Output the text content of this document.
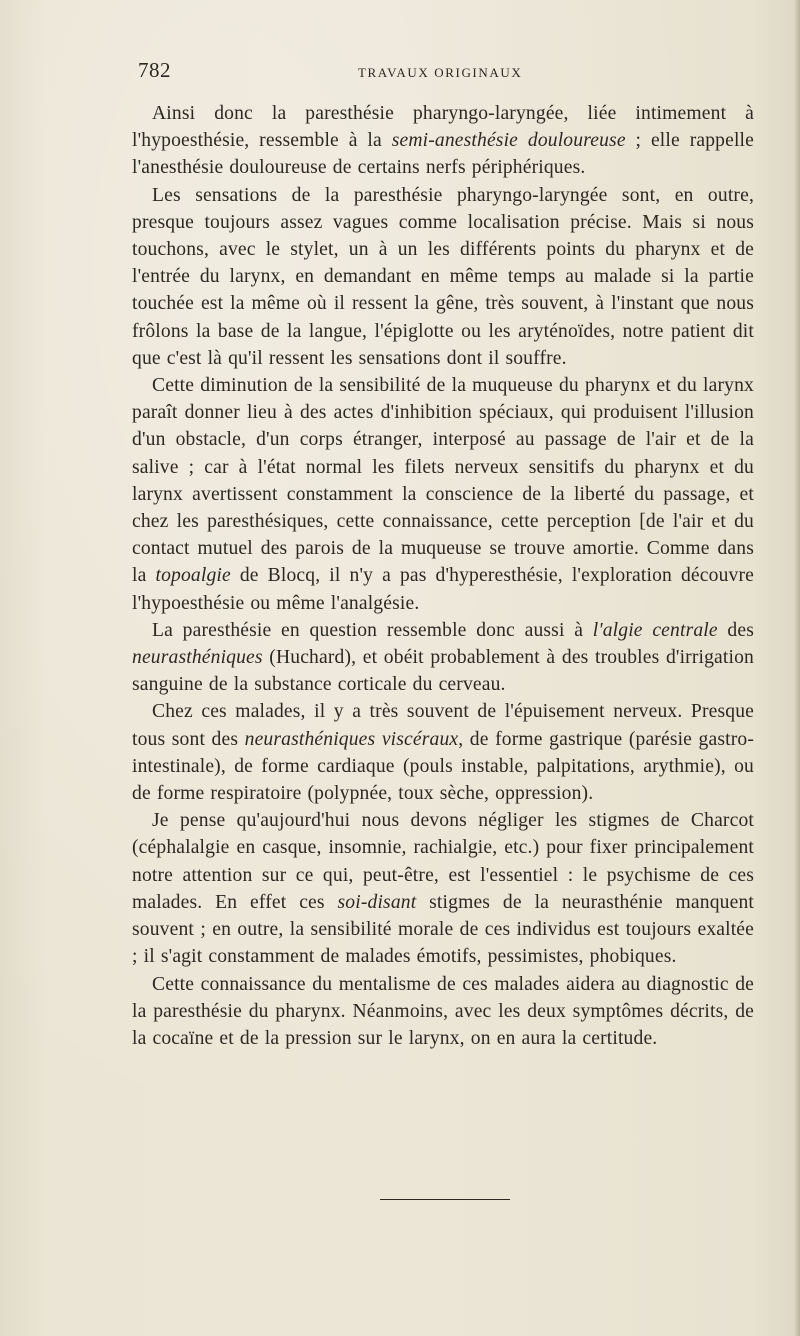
782	TRAVAUX ORIGINAUX

Ainsi donc la paresthésie pharyngo-laryngée, liée intimement à l'hypoesthésie, ressemble à la semi-anesthésie douloureuse ; elle rappelle l'anesthésie douloureuse de certains nerfs périphériques.

Les sensations de la paresthésie pharyngo-laryngée sont, en outre, presque toujours assez vagues comme localisation précise. Mais si nous touchons, avec le stylet, un à un les différents points du pharynx et de l'entrée du larynx, en demandant en même temps au malade si la partie touchée est la même où il ressent la gêne, très souvent, à l'instant que nous frôlons la base de la langue, l'épiglotte ou les aryténoïdes, notre patient dit que c'est là qu'il ressent les sensations dont il souffre.

Cette diminution de la sensibilité de la muqueuse du pharynx et du larynx paraît donner lieu à des actes d'inhibition spéciaux, qui produisent l'illusion d'un obstacle, d'un corps étranger, interposé au passage de l'air et de la salive ; car à l'état normal les filets nerveux sensitifs du pharynx et du larynx avertissent constamment la conscience de la liberté du passage, et chez les paresthésiques, cette connaissance, cette perception [de l'air et du contact mutuel des parois de la muqueuse se trouve amortie. Comme dans la topoalgie de Blocq, il n'y a pas d'hyperesthésie, l'exploration découvre l'hypoesthésie ou même l'analgésie.

La paresthésie en question ressemble donc aussi à l'algie centrale des neurasthéniques (Huchard), et obéit probablement à des troubles d'irrigation sanguine de la substance corticale du cerveau.

Chez ces malades, il y a très souvent de l'épuisement nerveux. Presque tous sont des neurasthéniques viscéraux, de forme gastrique (parésie gastro-intestinale), de forme cardiaque (pouls instable, palpitations, arythmie), ou de forme respiratoire (polypnée, toux sèche, oppression).

Je pense qu'aujourd'hui nous devons négliger les stigmes de Charcot (céphalalgie en casque, insomnie, rachialgie, etc.) pour fixer principalement notre attention sur ce qui, peut-être, est l'essentiel : le psychisme de ces malades. En effet ces soi-disant stigmes de la neurasthénie manquent souvent ; en outre, la sensibilité morale de ces individus est toujours exaltée ; il s'agit constamment de malades émotifs, pessimistes, phobiques.

Cette connaissance du mentalisme de ces malades aidera au diagnostic de la paresthésie du pharynx. Néanmoins, avec les deux symptômes décrits, de la cocaïne et de la pression sur le larynx, on en aura la certitude.
